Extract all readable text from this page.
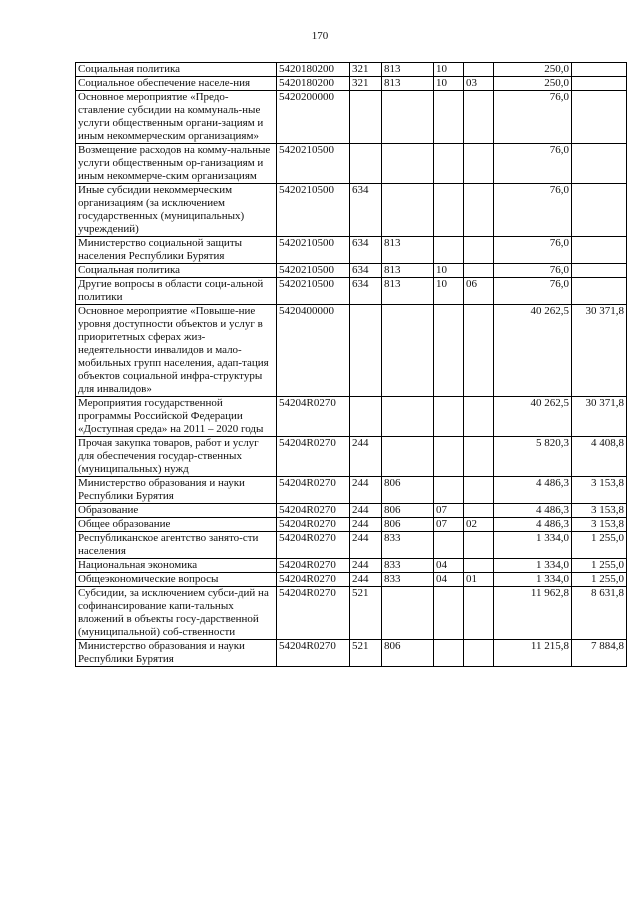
170
Социальная политика	5420180200	321	813	10		250,0	
Социальное обеспечение населе-ния	5420180200	321	813	10	03	250,0	
Основное мероприятие «Предо-ставление субсидии на коммуналь-ные услуги общественным органи-зациям и иным некоммерческим организациям»	5420200000					76,0	
Возмещение расходов на комму-нальные услуги общественным ор-ганизациям и иным некоммерче-ским организациям	5420210500					76,0	
Иные субсидии некоммерческим организациям (за исключением государственных (муниципальных) учреждений)	5420210500	634				76,0	
Министерство социальной защиты населения Республики Бурятия	5420210500	634	813			76,0	
Социальная политика	5420210500	634	813	10		76,0	
Другие вопросы в области соци-альной политики	5420210500	634	813	10	06	76,0	
Основное мероприятие «Повыше-ние уровня доступности объектов и услуг в приоритетных сферах жиз-недеятельности инвалидов и мало-мобильных групп населения, адап-тация объектов социальной инфра-структуры для инвалидов»	5420400000					40 262,5	30 371,8
Мероприятия государственной программы Российской Федерации «Доступная среда» на 2011 – 2020 годы	54204R0270					40 262,5	30 371,8
Прочая закупка товаров, работ и услуг для обеспечения государ-ственных (муниципальных) нужд	54204R0270	244				5 820,3	4 408,8
Министерство образования и науки Республики Бурятия	54204R0270	244	806			4 486,3	3 153,8
Образование	54204R0270	244	806	07		4 486,3	3 153,8
Общее образование	54204R0270	244	806	07	02	4 486,3	3 153,8
Республиканское агентство занято-сти населения	54204R0270	244	833			1 334,0	1 255,0
Национальная экономика	54204R0270	244	833	04		1 334,0	1 255,0
Общеэкономические вопросы	54204R0270	244	833	04	01	1 334,0	1 255,0
Субсидии, за исключением субси-дий на софинансирование капи-тальных вложений в объекты госу-дарственной (муниципальной) соб-ственности	54204R0270	521				11 962,8	8 631,8
Министерство образования и науки Республики Бурятия	54204R0270	521	806			11 215,8	7 884,8
